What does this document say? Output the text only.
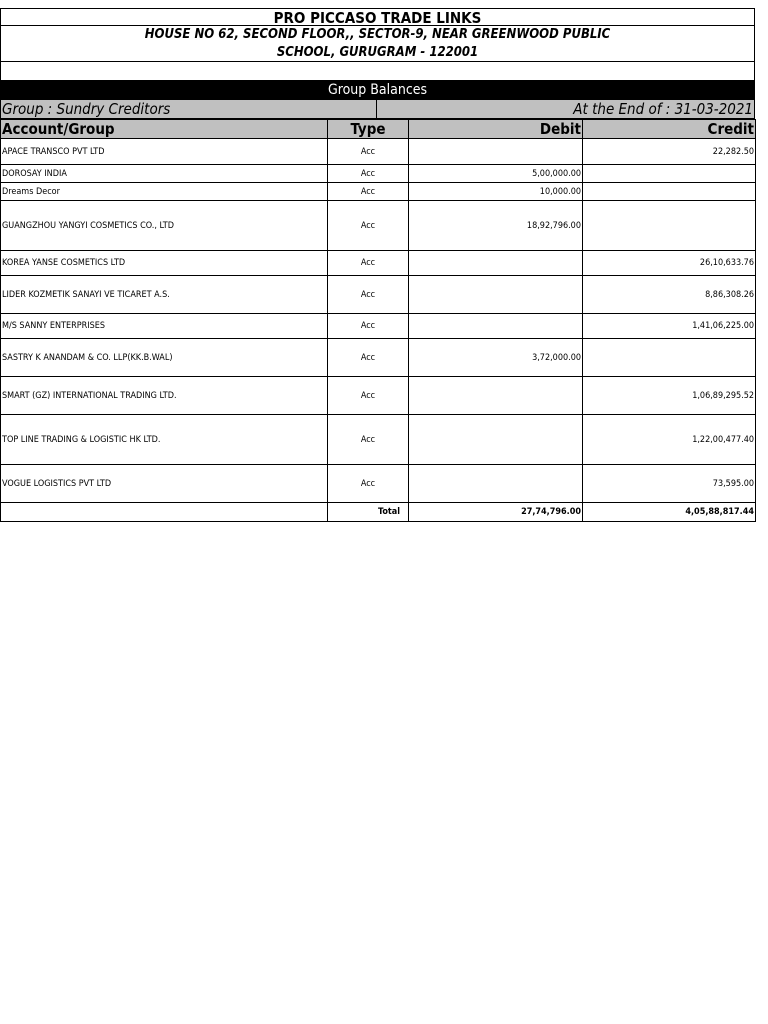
PRO PICCASO TRADE LINKS
HOUSE NO 62, SECOND FLOOR,, SECTOR-9, NEAR GREENWOOD PUBLIC
SCHOOL, GURUGRAM - 122001
Group Balances
Group : Sundry Creditors	At the End of : 31-03-2021
Account/Group	Type	Debit	Credit
APACE TRANSCO PVT LTD	Acc		22,282.50
DOROSAY INDIA	Acc	5,00,000.00	
Dreams Decor	Acc	10,000.00	
GUANGZHOU YANGYI COSMETICS CO., LTD	Acc	18,92,796.00	
KOREA YANSE COSMETICS LTD	Acc		26,10,633.76
LIDER KOZMETIK SANAYI VE TICARET A.S.	Acc		8,86,308.26
M/S SANNY ENTERPRISES	Acc		1,41,06,225.00
SASTRY K ANANDAM & CO. LLP(KK.B.WAL)	Acc	3,72,000.00	
SMART (GZ) INTERNATIONAL TRADING LTD.	Acc		1,06,89,295.52
TOP LINE TRADING & LOGISTIC HK LTD.	Acc		1,22,00,477.40
VOGUE LOGISTICS PVT LTD	Acc		73,595.00
	Total	27,74,796.00	4,05,88,817.44
